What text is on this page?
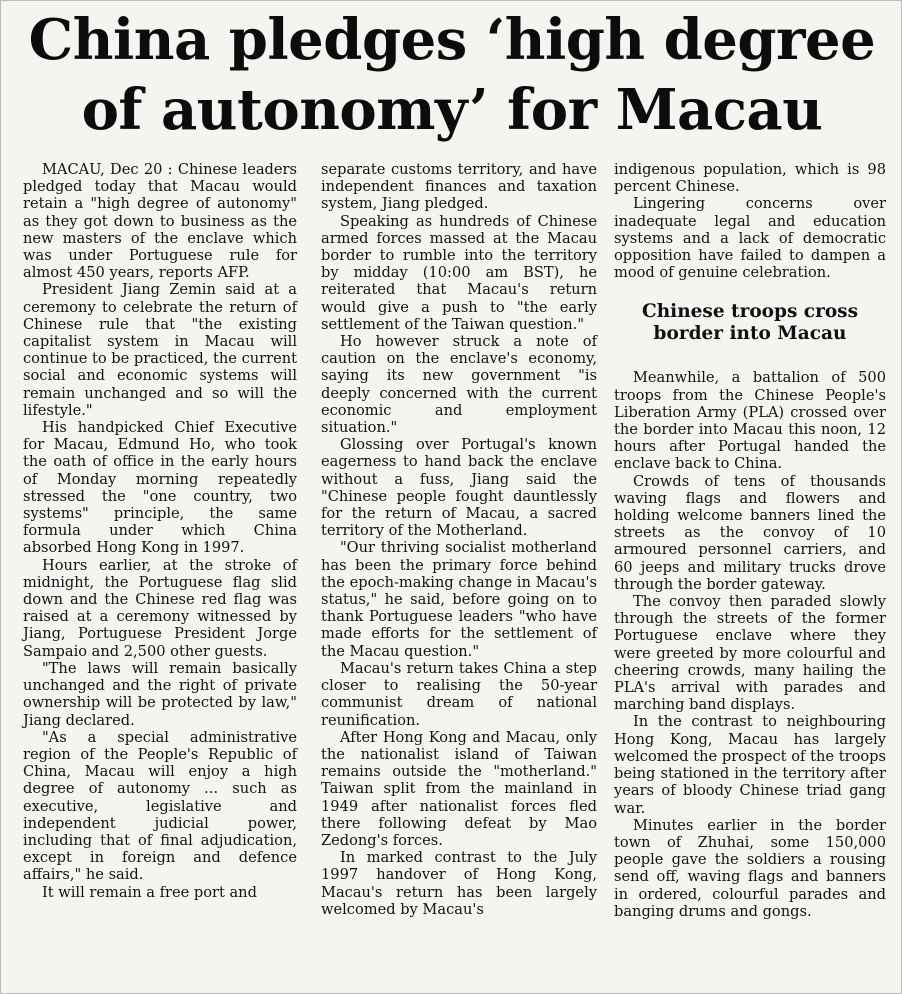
China pledges ‘high degree
of autonomy’ for Macau

MACAU, Dec 20 : Chinese leaders pledged today that Macau would retain a "high degree of autonomy" as they got down to business as the new masters of the enclave which was under Portuguese rule for almost 450 years, reports AFP.

President Jiang Zemin said at a ceremony to celebrate the return of Chinese rule that "the existing capitalist system in Macau will continue to be practiced, the current social and economic systems will remain unchanged and so will the lifestyle."

His handpicked Chief Executive for Macau, Edmund Ho, who took the oath of office in the early hours of Monday morning repeatedly stressed the "one country, two systems" principle, the same formula under which China absorbed Hong Kong in 1997.

Hours earlier, at the stroke of midnight, the Portuguese flag slid down and the Chinese red flag was raised at a ceremony witnessed by Jiang, Portuguese President Jorge Sampaio and 2,500 other guests.

"The laws will remain basically unchanged and the right of private ownership will be protected by law," Jiang declared.

"As a special administrative region of the People's Republic of China, Macau will enjoy a high degree of autonomy ... such as executive, legislative and independent judicial power, including that of final adjudication, except in foreign and defence affairs," he said.

It will remain a free port and

separate customs territory, and have independent finances and taxation system, Jiang pledged.

Speaking as hundreds of Chinese armed forces massed at the Macau border to rumble into the territory by midday (10:00 am BST), he reiterated that Macau's return would give a push to "the early settlement of the Taiwan question."

Ho however struck a note of caution on the enclave's economy, saying its new government "is deeply concerned with the current economic and employment situation."

Glossing over Portugal's known eagerness to hand back the enclave without a fuss, Jiang said the "Chinese people fought dauntlessly for the return of Macau, a sacred territory of the Motherland.

"Our thriving socialist motherland has been the primary force behind the epoch-making change in Macau's status," he said, before going on to thank Portuguese leaders "who have made efforts for the settlement of the Macau question."

Macau's return takes China a step closer to realising the 50-year communist dream of national reunification.

After Hong Kong and Macau, only the nationalist island of Taiwan remains outside the "motherland." Taiwan split from the mainland in 1949 after nationalist forces fled there following defeat by Mao Zedong's forces.

In marked contrast to the July 1997 handover of Hong Kong, Macau's return has been largely welcomed by Macau's

indigenous population, which is 98 percent Chinese.

Lingering concerns over inadequate legal and education systems and a lack of democratic opposition have failed to dampen a mood of genuine celebration.

Chinese troops cross
border into Macau

Meanwhile, a battalion of 500 troops from the Chinese People's Liberation Army (PLA) crossed over the border into Macau this noon, 12 hours after Portugal handed the enclave back to China.

Crowds of tens of thousands waving flags and flowers and holding welcome banners lined the streets as the convoy of 10 armoured personnel carriers, and 60 jeeps and military trucks drove through the border gateway.

The convoy then paraded slowly through the streets of the former Portuguese enclave where they were greeted by more colourful and cheering crowds, many hailing the PLA's arrival with parades and marching band displays.

In the contrast to neighbouring Hong Kong, Macau has largely welcomed the prospect of the troops being stationed in the territory after years of bloody Chinese triad gang war.

Minutes earlier in the border town of Zhuhai, some 150,000 people gave the soldiers a rousing send off, waving flags and banners in ordered, colourful parades and banging drums and gongs.
